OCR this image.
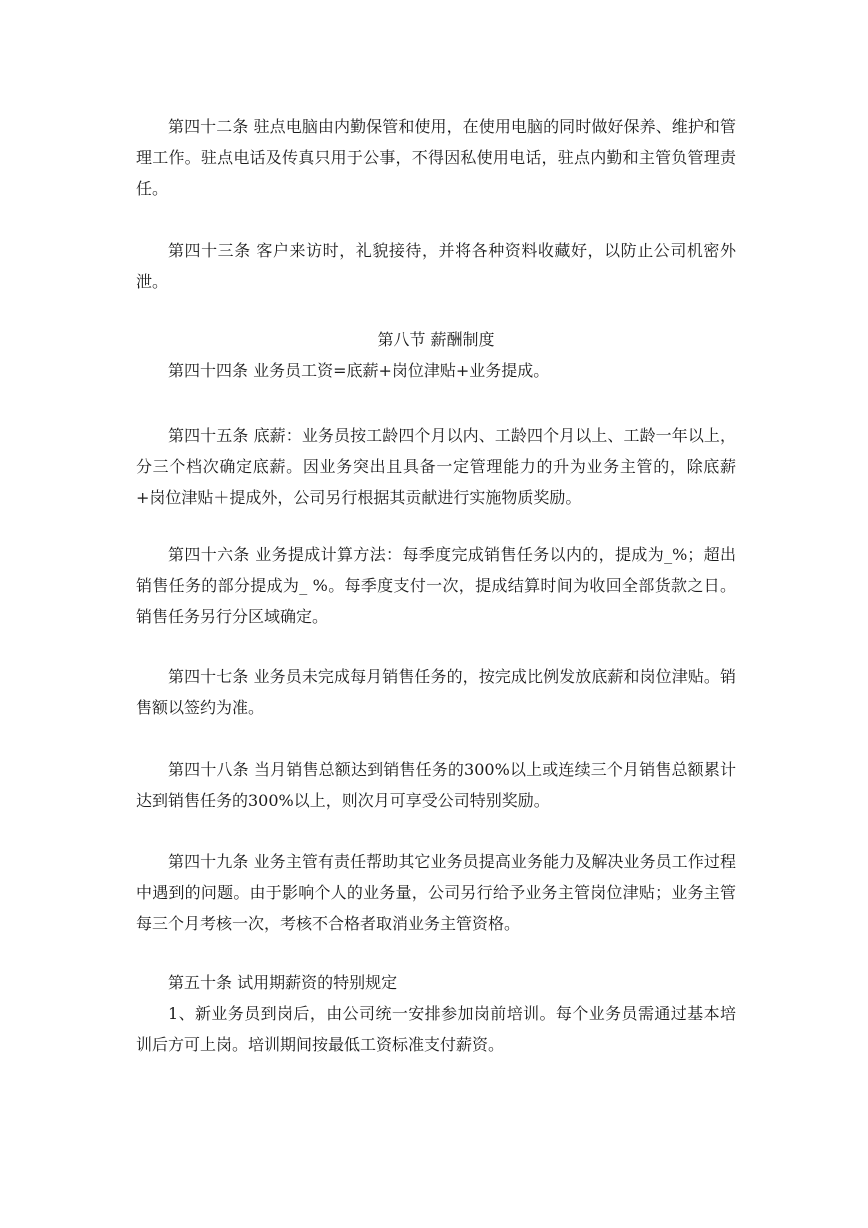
第四十二条 驻点电脑由内勤保管和使用，在使用电脑的同时做好保养、维护和管理工作。驻点电话及传真只用于公事，不得因私使用电话，驻点内勤和主管负管理责任。

第四十三条 客户来访时，礼貌接待，并将各种资料收藏好，以防止公司机密外泄。

第八节 薪酬制度

第四十四条 业务员工资=底薪+岗位津贴+业务提成。

第四十五条 底薪：业务员按工龄四个月以内、工龄四个月以上、工龄一年以上，分三个档次确定底薪。因业务突出且具备一定管理能力的升为业务主管的，除底薪+岗位津贴＋提成外，公司另行根据其贡献进行实施物质奖励。

第四十六条 业务提成计算方法：每季度完成销售任务以内的，提成为_%；超出销售任务的部分提成为_ %。每季度支付一次，提成结算时间为收回全部货款之日。销售任务另行分区域确定。

第四十七条 业务员未完成每月销售任务的，按完成比例发放底薪和岗位津贴。销售额以签约为准。

第四十八条 当月销售总额达到销售任务的300%以上或连续三个月销售总额累计达到销售任务的300%以上，则次月可享受公司特别奖励。

第四十九条 业务主管有责任帮助其它业务员提高业务能力及解决业务员工作过程中遇到的问题。由于影响个人的业务量，公司另行给予业务主管岗位津贴；业务主管每三个月考核一次，考核不合格者取消业务主管资格。

第五十条 试用期薪资的特别规定

1、新业务员到岗后，由公司统一安排参加岗前培训。每个业务员需通过基本培训后方可上岗。培训期间按最低工资标准支付薪资。
